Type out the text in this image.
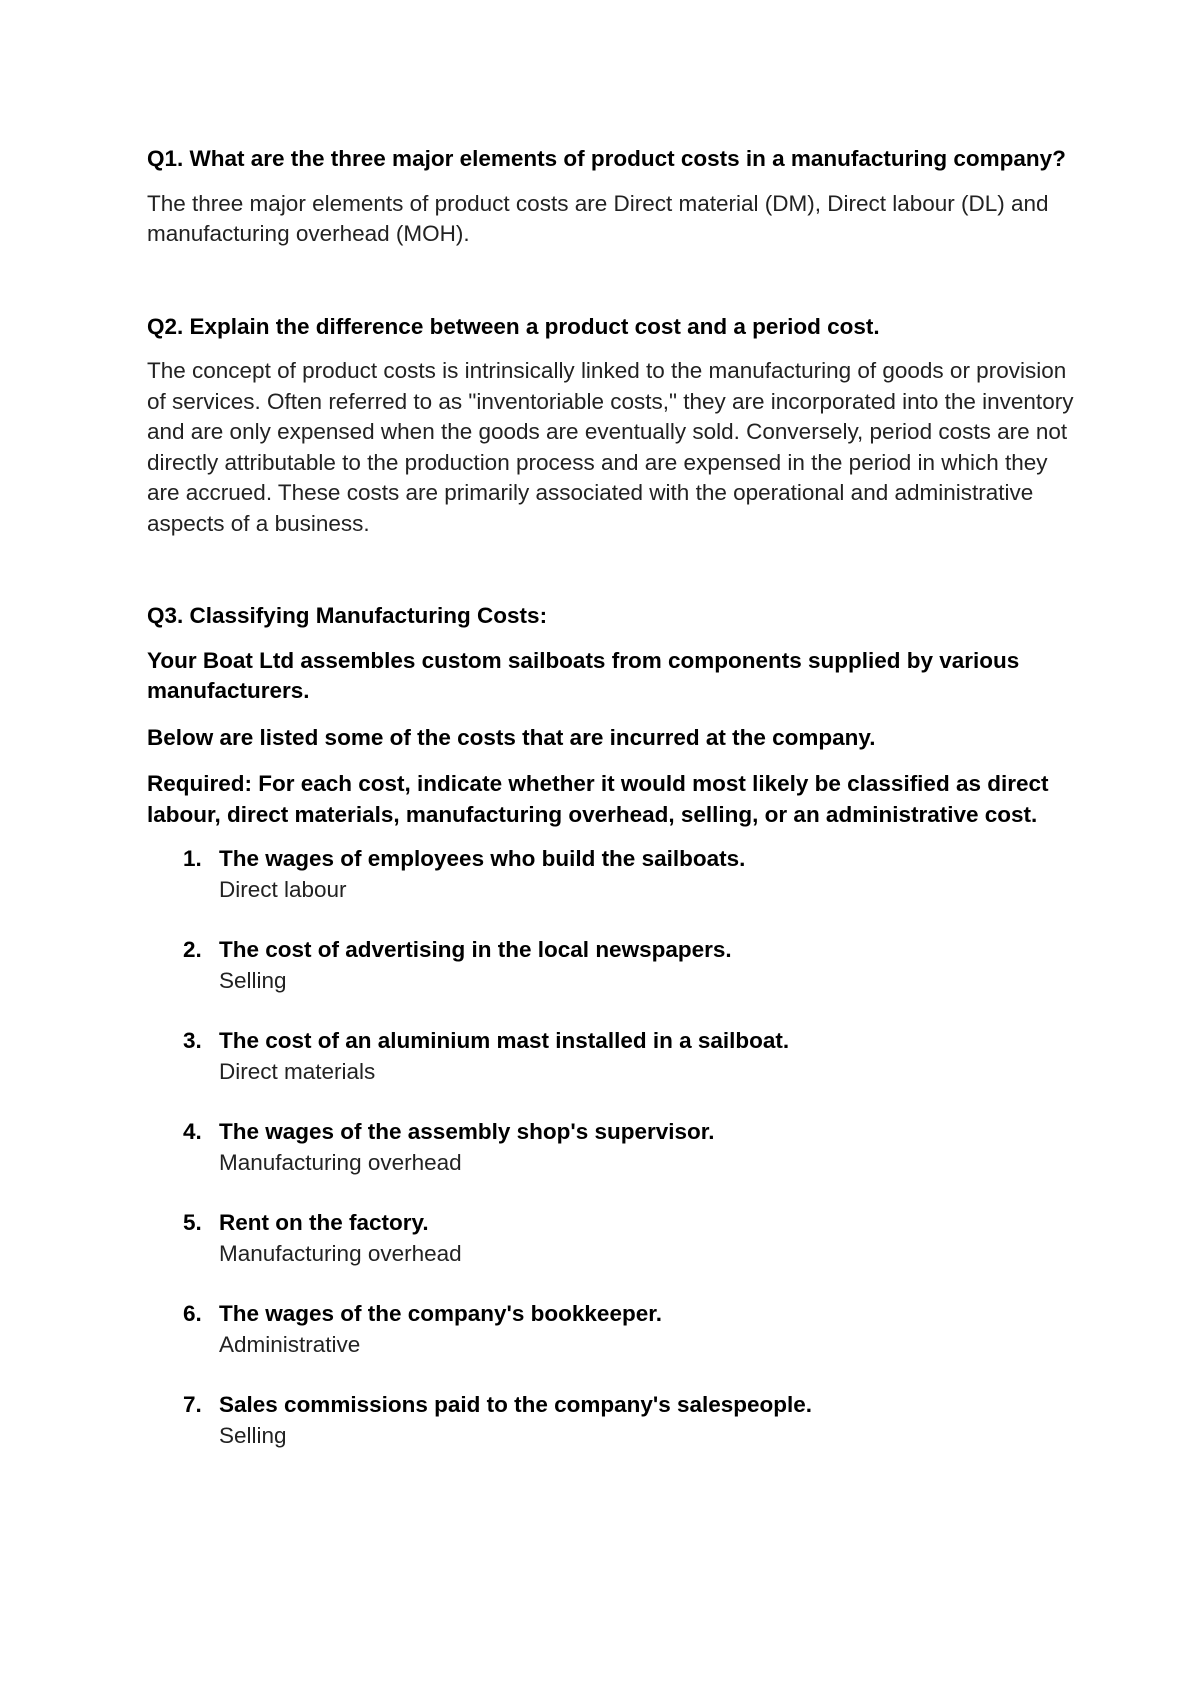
Q1. What are the three major elements of product costs in a manufacturing company?

The three major elements of product costs are Direct material (DM), Direct labour (DL) and manufacturing overhead (MOH).

Q2. Explain the difference between a product cost and a period cost.

The concept of product costs is intrinsically linked to the manufacturing of goods or provision of services. Often referred to as "inventoriable costs," they are incorporated into the inventory and are only expensed when the goods are eventually sold. Conversely, period costs are not directly attributable to the production process and are expensed in the period in which they are accrued. These costs are primarily associated with the operational and administrative aspects of a business.

Q3. Classifying Manufacturing Costs:

Your Boat Ltd assembles custom sailboats from components supplied by various manufacturers.

Below are listed some of the costs that are incurred at the company.

Required: For each cost, indicate whether it would most likely be classified as direct labour, direct materials, manufacturing overhead, selling, or an administrative cost.

1. The wages of employees who build the sailboats.
Direct labour
2. The cost of advertising in the local newspapers.
Selling
3. The cost of an aluminium mast installed in a sailboat.
Direct materials
4. The wages of the assembly shop's supervisor.
Manufacturing overhead
5. Rent on the factory.
Manufacturing overhead
6. The wages of the company's bookkeeper.
Administrative
7. Sales commissions paid to the company's salespeople.
Selling
